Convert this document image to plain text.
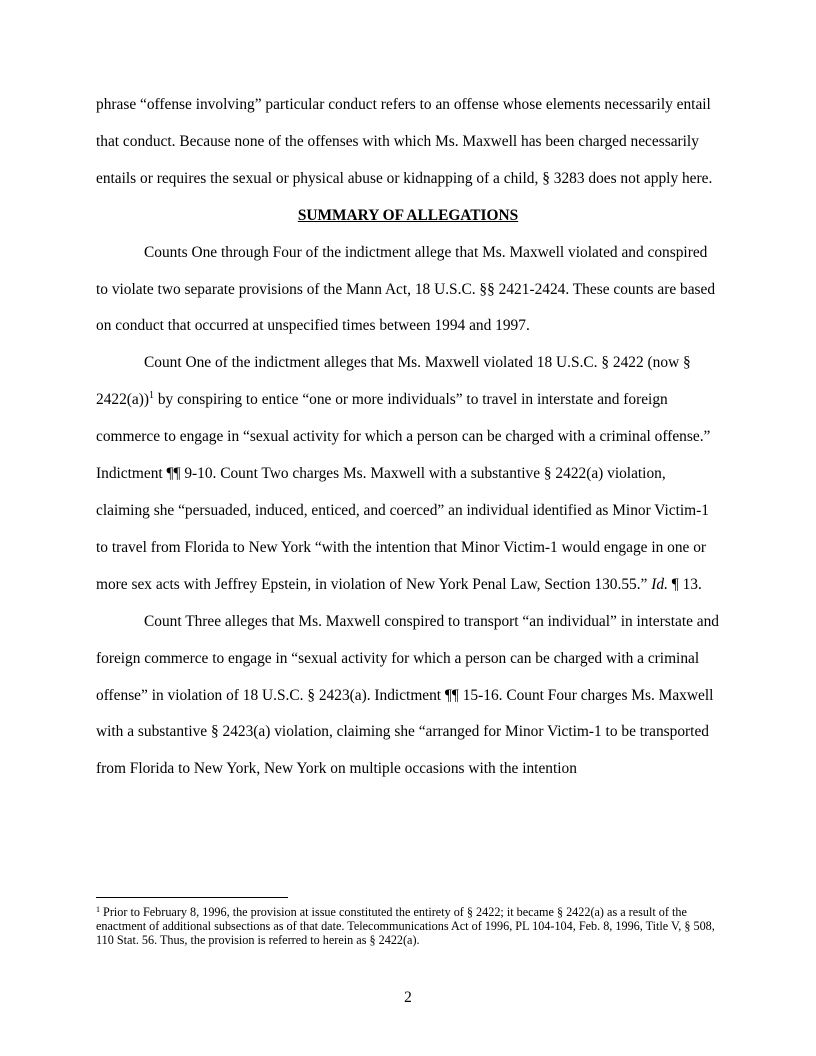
phrase “offense involving” particular conduct refers to an offense whose elements necessarily entail that conduct. Because none of the offenses with which Ms. Maxwell has been charged necessarily entails or requires the sexual or physical abuse or kidnapping of a child, § 3283 does not apply here.

SUMMARY OF ALLEGATIONS

Counts One through Four of the indictment allege that Ms. Maxwell violated and conspired to violate two separate provisions of the Mann Act, 18 U.S.C. §§ 2421-2424. These counts are based on conduct that occurred at unspecified times between 1994 and 1997.

Count One of the indictment alleges that Ms. Maxwell violated 18 U.S.C. § 2422 (now § 2422(a))$^1$ by conspiring to entice “one or more individuals” to travel in interstate and foreign commerce to engage in “sexual activity for which a person can be charged with a criminal offense.” Indictment ¶¶ 9-10. Count Two charges Ms. Maxwell with a substantive § 2422(a) violation, claiming she “persuaded, induced, enticed, and coerced” an individual identified as Minor Victim-1 to travel from Florida to New York “with the intention that Minor Victim-1 would engage in one or more sex acts with Jeffrey Epstein, in violation of New York Penal Law, Section 130.55.” Id. ¶ 13.

Count Three alleges that Ms. Maxwell conspired to transport “an individual” in interstate and foreign commerce to engage in “sexual activity for which a person can be charged with a criminal offense” in violation of 18 U.S.C. § 2423(a). Indictment ¶¶ 15-16. Count Four charges Ms. Maxwell with a substantive § 2423(a) violation, claiming she “arranged for Minor Victim-1 to be transported from Florida to New York, New York on multiple occasions with the intention

$^1$ Prior to February 8, 1996, the provision at issue constituted the entirety of § 2422; it became § 2422(a) as a result of the enactment of additional subsections as of that date. Telecommunications Act of 1996, PL 104-104, Feb. 8, 1996, Title V, § 508, 110 Stat. 56. Thus, the provision is referred to herein as § 2422(a).

2
